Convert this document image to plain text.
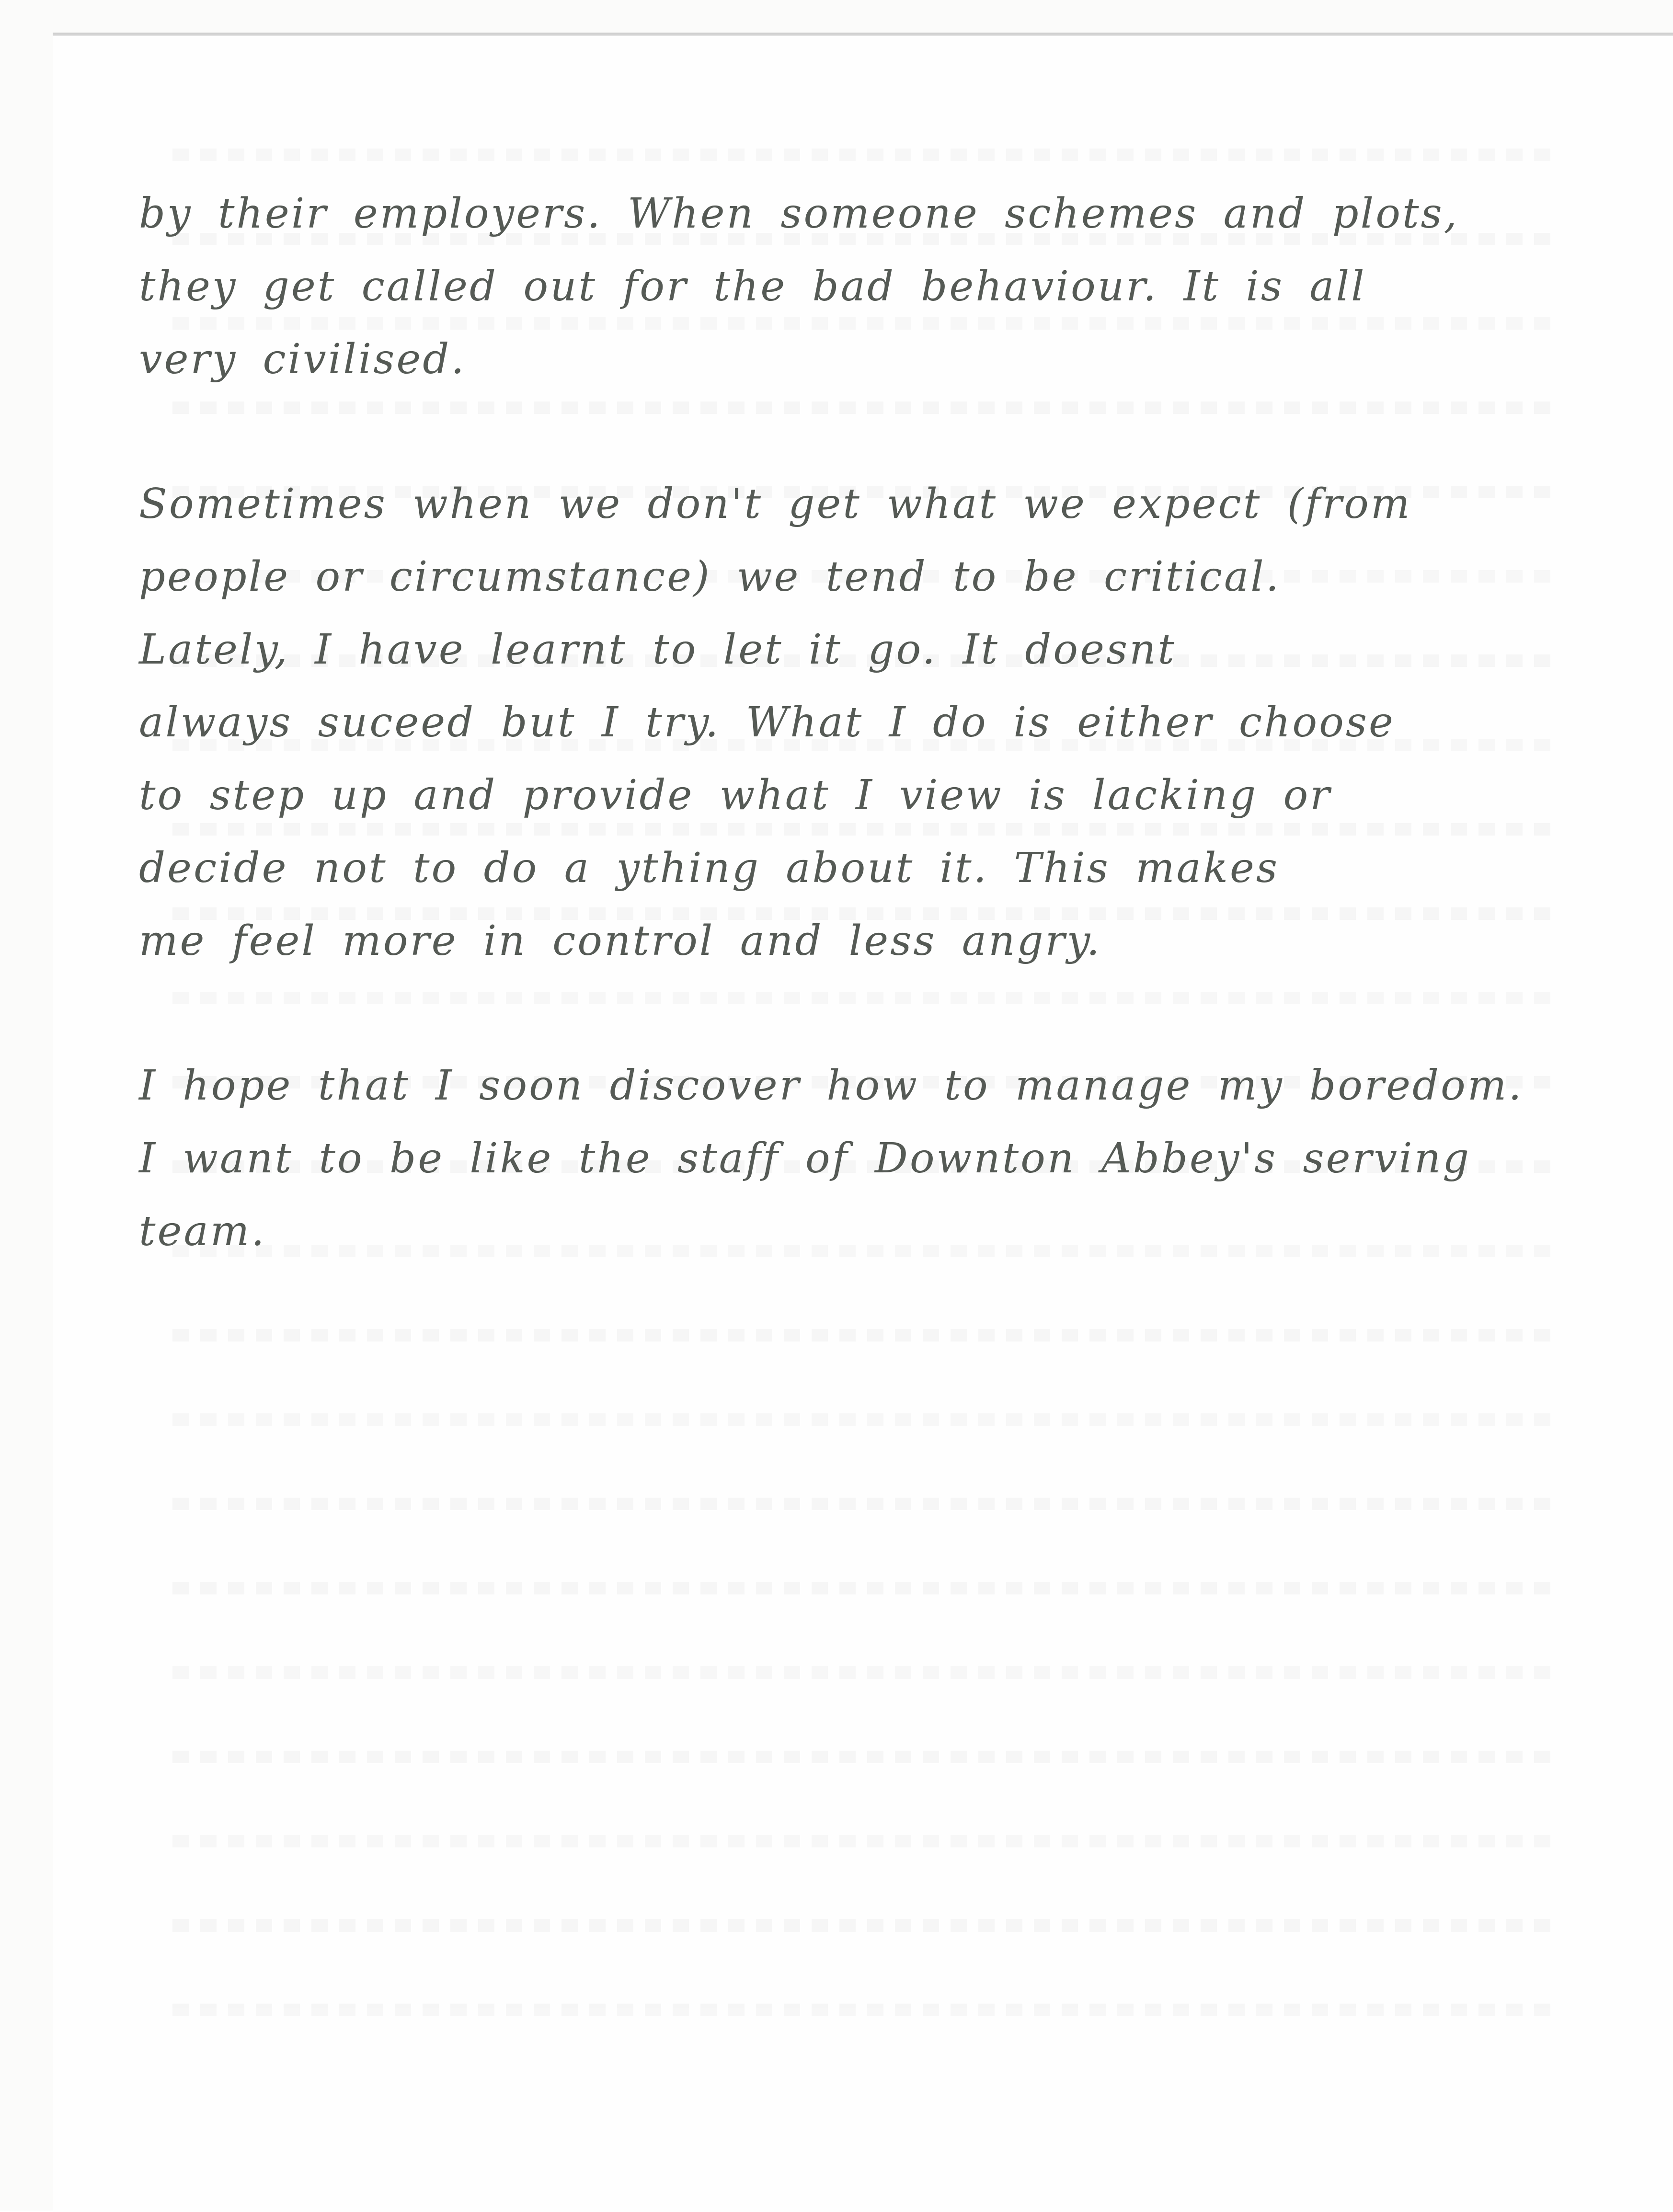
by their employers. When someone schemes and plots,
they get called out for the bad behaviour. It is all
very civilised.
Sometimes when we don't get what we expect (from
people or circumstance) we tend to be critical.
Lately, I have learnt to let it go. It doesnt
always suceed but I try. What I do is either choose
to step up and provide what I view is lacking or
decide not to do a ything about it. This makes
me feel more in control and less angry.
I hope that I soon discover how to manage my boredom.
I want to be like the staff of Downton Abbey's serving
team.
